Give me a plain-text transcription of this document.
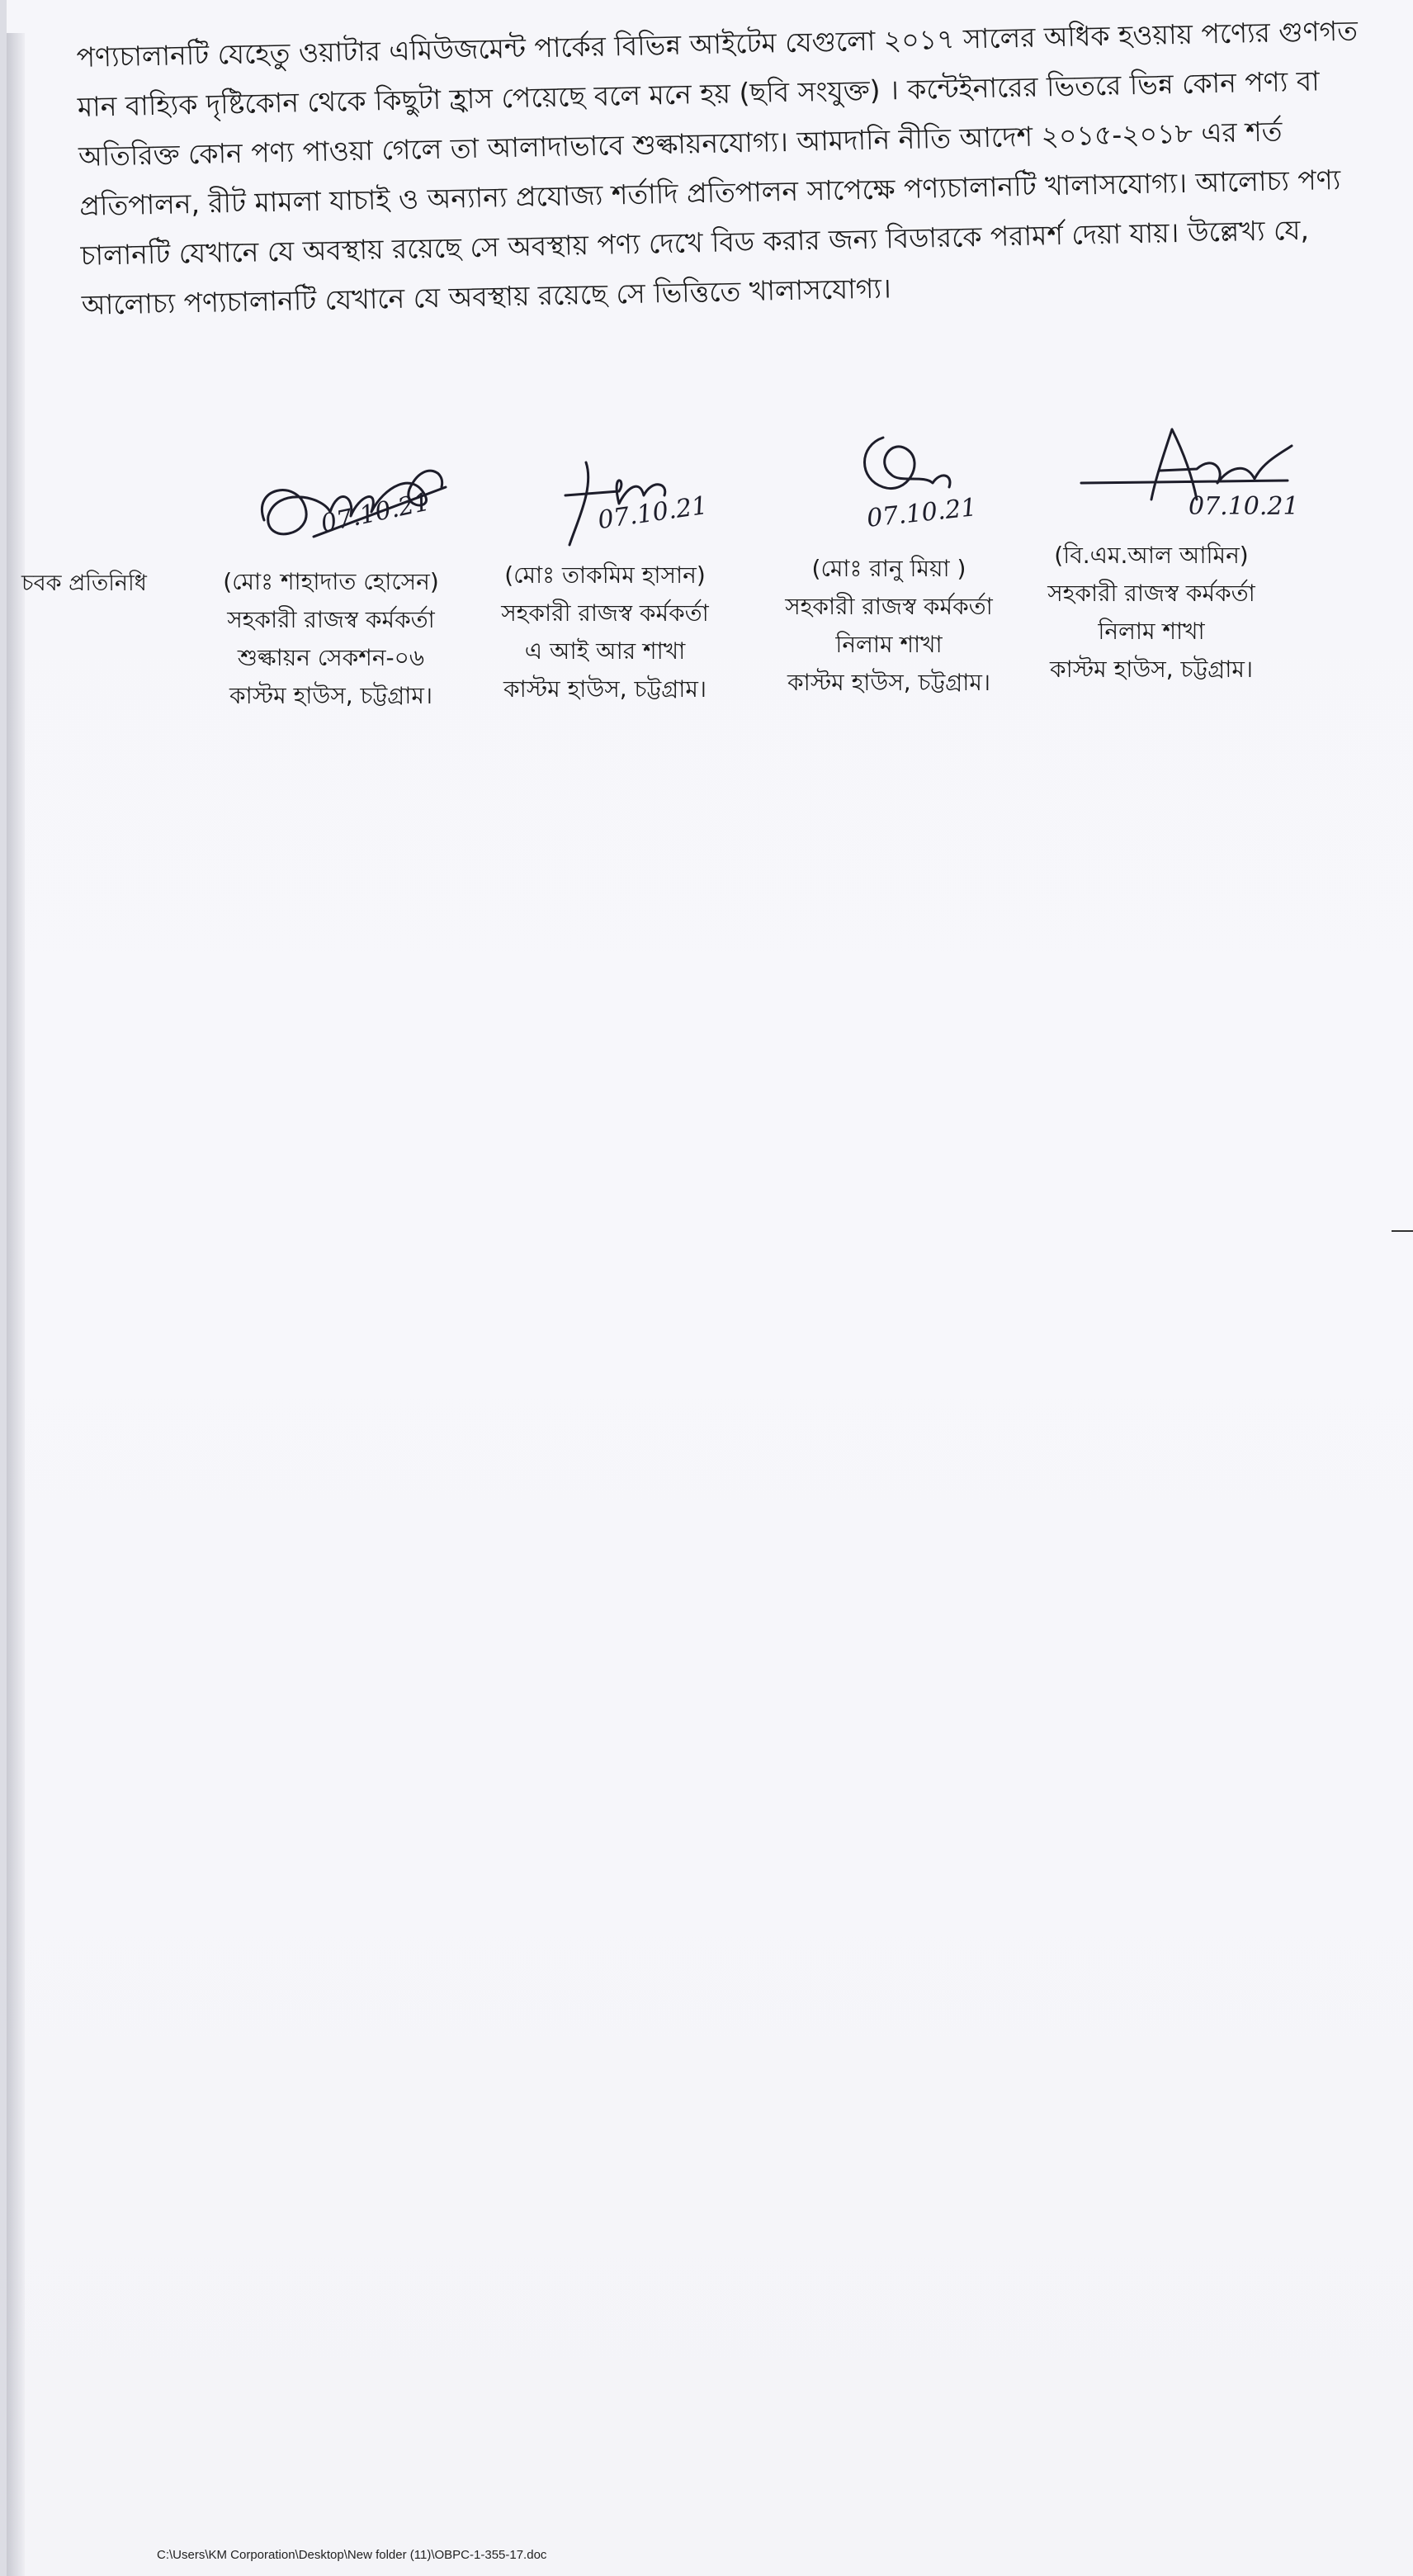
পণ্যচালানটি যেহেতু ওয়াটার এমিউজমেন্ট পার্কের বিভিন্ন আইটেম যেগুলো ২০১৭ সালের অধিক হওয়ায় পণ্যের গুণগত
মান বাহ্যিক দৃষ্টিকোন থেকে কিছুটা হ্রাস পেয়েছে বলে মনে হয় (ছবি সংযুক্ত) । কন্টেইনারের ভিতরে ভিন্ন কোন পণ্য বা
অতিরিক্ত কোন পণ্য পাওয়া গেলে তা আলাদাভাবে শুল্কায়নযোগ্য। আমদানি নীতি আদেশ ২০১৫-২০১৮ এর শর্ত
প্রতিপালন, রীট মামলা যাচাই ও অন্যান্য প্রযোজ্য শর্তাদি প্রতিপালন সাপেক্ষে পণ্যচালানটি খালাসযোগ্য। আলোচ্য পণ্য
চালানটি যেখানে যে অবস্থায় রয়েছে সে অবস্থায় পণ্য দেখে বিড করার জন্য বিডারকে পরামর্শ দেয়া যায়। উল্লেখ্য যে,
আলোচ্য পণ্যচালানটি যেখানে যে অবস্থায় রয়েছে সে ভিত্তিতে খালাসযোগ্য।

চবক প্রতিনিধি
07.10.21	07.10.21	07.10.21	07.10.21
(মোঃ শাহাদাত হোসেন)
সহকারী রাজস্ব কর্মকর্তা
শুল্কায়ন সেকশন-০৬
কাস্টম হাউস, চট্টগ্রাম।
(মোঃ তাকমিম হাসান)
সহকারী রাজস্ব কর্মকর্তা
এ আই আর শাখা
কাস্টম হাউস, চট্টগ্রাম।
(মোঃ রানু মিয়া )
সহকারী রাজস্ব কর্মকর্তা
নিলাম শাখা
কাস্টম হাউস, চট্টগ্রাম।
(বি.এম.আল আমিন)
সহকারী রাজস্ব কর্মকর্তা
নিলাম শাখা
কাস্টম হাউস, চট্টগ্রাম।
C:\Users\KM Corporation\Desktop\New folder (11)\OBPC-1-355-17.doc
